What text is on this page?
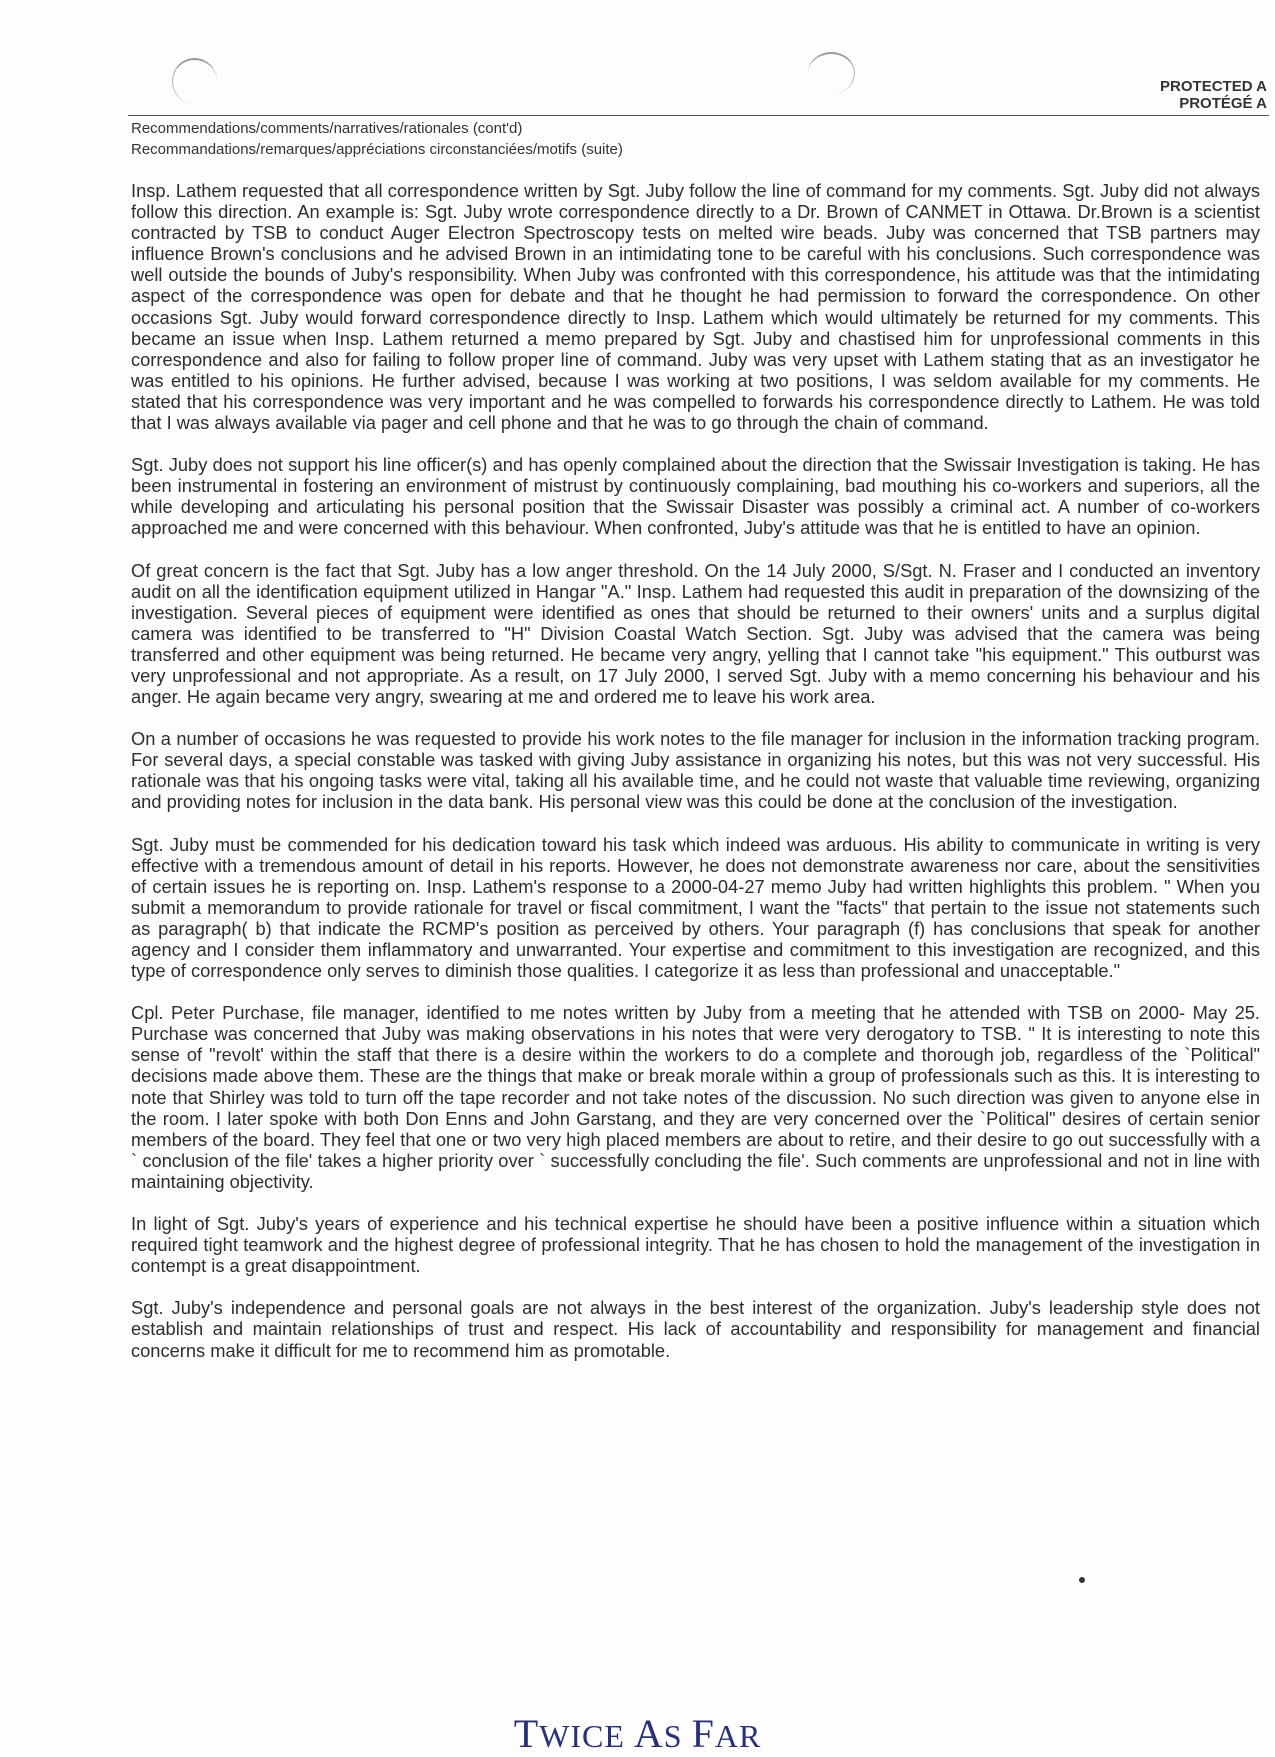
PROTECTED A
PROTÉGÉ A
Recommendations/comments/narratives/rationales (cont'd)
Recommandations/remarques/appréciations circonstanciées/motifs (suite)

Insp. Lathem requested that all correspondence written by Sgt. Juby follow the line of command for my comments. Sgt. Juby did not always follow this direction. An example is: Sgt. Juby wrote correspondence directly to a Dr. Brown of CANMET in Ottawa. Dr.Brown is a scientist contracted by TSB to conduct Auger Electron Spectroscopy tests on melted wire beads. Juby was concerned that TSB partners may influence Brown's conclusions and he advised Brown in an intimidating tone to be careful with his conclusions. Such correspondence was well outside the bounds of Juby's responsibility. When Juby was confronted with this correspondence, his attitude was that the intimidating aspect of the correspondence was open for debate and that he thought he had permission to forward the correspondence. On other occasions Sgt. Juby would forward correspondence directly to Insp. Lathem which would ultimately be returned for my comments. This became an issue when Insp. Lathem returned a memo prepared by Sgt. Juby and chastised him for unprofessional comments in this correspondence and also for failing to follow proper line of command. Juby was very upset with Lathem stating that as an investigator he was entitled to his opinions. He further advised, because I was working at two positions, I was seldom available for my comments. He stated that his correspondence was very important and he was compelled to forwards his correspondence directly to Lathem. He was told that I was always available via pager and cell phone and that he was to go through the chain of command.

Sgt. Juby does not support his line officer(s) and has openly complained about the direction that the Swissair Investigation is taking. He has been instrumental in fostering an environment of mistrust by continuously complaining, bad mouthing his co-workers and superiors, all the while developing and articulating his personal position that the Swissair Disaster was possibly a criminal act. A number of co-workers approached me and were concerned with this behaviour. When confronted, Juby's attitude was that he is entitled to have an opinion.

Of great concern is the fact that Sgt. Juby has a low anger threshold. On the 14 July 2000, S/Sgt. N. Fraser and I conducted an inventory audit on all the identification equipment utilized in Hangar "A." Insp. Lathem had requested this audit in preparation of the downsizing of the investigation. Several pieces of equipment were identified as ones that should be returned to their owners' units and a surplus digital camera was identified to be transferred to "H" Division Coastal Watch Section. Sgt. Juby was advised that the camera was being transferred and other equipment was being returned. He became very angry, yelling that I cannot take "his equipment." This outburst was very unprofessional and not appropriate. As a result, on 17 July 2000, I served Sgt. Juby with a memo concerning his behaviour and his anger. He again became very angry, swearing at me and ordered me to leave his work area.

On a number of occasions he was requested to provide his work notes to the file manager for inclusion in the information tracking program. For several days, a special constable was tasked with giving Juby assistance in organizing his notes, but this was not very successful. His rationale was that his ongoing tasks were vital, taking all his available time, and he could not waste that valuable time reviewing, organizing and providing notes for inclusion in the data bank. His personal view was this could be done at the conclusion of the investigation.

Sgt. Juby must be commended for his dedication toward his task which indeed was arduous. His ability to communicate in writing is very effective with a tremendous amount of detail in his reports. However, he does not demonstrate awareness nor care, about the sensitivities of certain issues he is reporting on. Insp. Lathem's response to a 2000-04-27 memo Juby had written highlights this problem. " When you submit a memorandum to provide rationale for travel or fiscal commitment, I want the "facts" that pertain to the issue not statements such as paragraph( b) that indicate the RCMP's position as perceived by others. Your paragraph (f) has conclusions that speak for another agency and I consider them inflammatory and unwarranted. Your expertise and commitment to this investigation are recognized, and this type of correspondence only serves to diminish those qualities. I categorize it as less than professional and unacceptable."

Cpl. Peter Purchase, file manager, identified to me notes written by Juby from a meeting that he attended with TSB on 2000- May 25. Purchase was concerned that Juby was making observations in his notes that were very derogatory to TSB. " It is interesting to note this sense of "revolt' within the staff that there is a desire within the workers to do a complete and thorough job, regardless of the `Political" decisions made above them. These are the things that make or break morale within a group of professionals such as this. It is interesting to note that Shirley was told to turn off the tape recorder and not take notes of the discussion. No such direction was given to anyone else in the room. I later spoke with both Don Enns and John Garstang, and they are very concerned over the `Political" desires of certain senior members of the board. They feel that one or two very high placed members are about to retire, and their desire to go out successfully with a ` conclusion of the file' takes a higher priority over ` successfully concluding the file'. Such comments are unprofessional and not in line with maintaining objectivity.

In light of Sgt. Juby's years of experience and his technical expertise he should have been a positive influence within a situation which required tight teamwork and the highest degree of professional integrity. That he has chosen to hold the management of the investigation in contempt is a great disappointment.

Sgt. Juby's independence and personal goals are not always in the best interest of the organization. Juby's leadership style does not establish and maintain relationships of trust and respect. His lack of accountability and responsibility for management and financial concerns make it difficult for me to recommend him as promotable.

TWICE AS FAR
